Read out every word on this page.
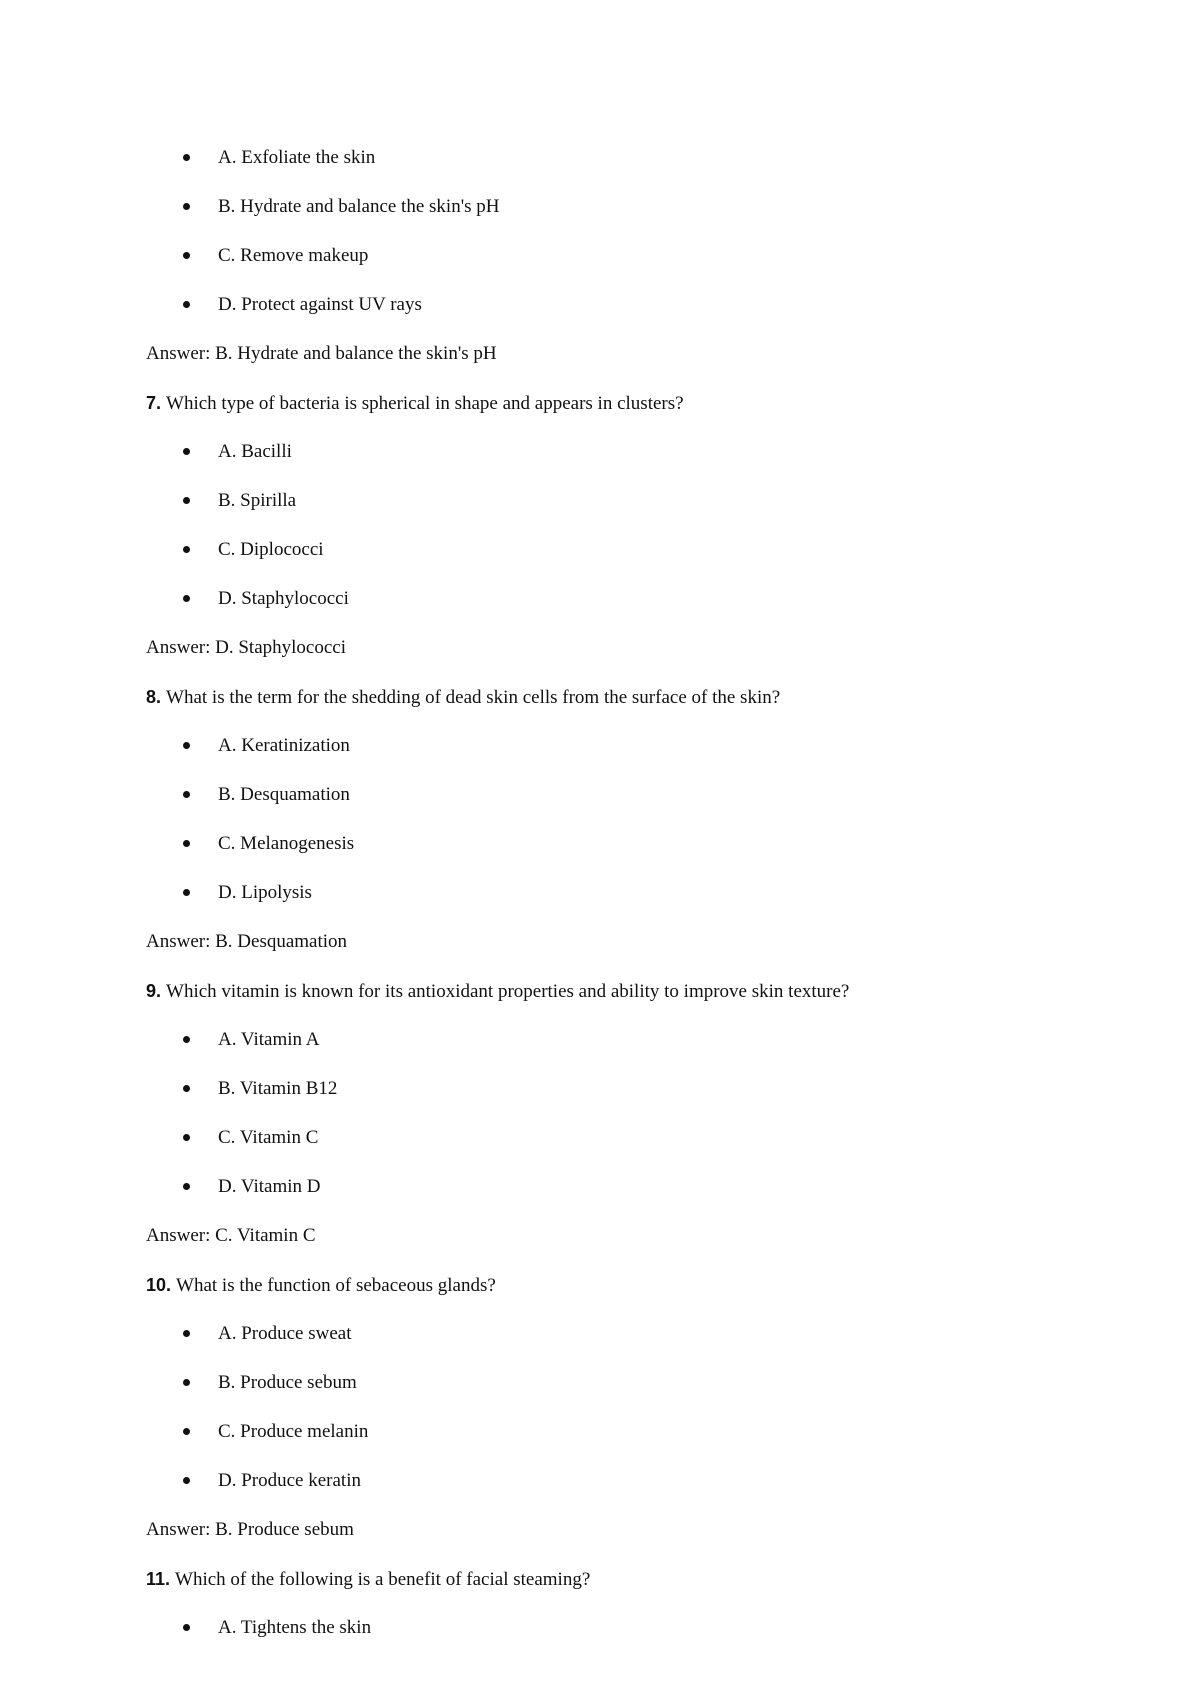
A. Exfoliate the skin
B. Hydrate and balance the skin's pH
C. Remove makeup
D. Protect against UV rays
Answer: B. Hydrate and balance the skin's pH
7. Which type of bacteria is spherical in shape and appears in clusters?
A. Bacilli
B. Spirilla
C. Diplococci
D. Staphylococci
Answer: D. Staphylococci
8. What is the term for the shedding of dead skin cells from the surface of the skin?
A. Keratinization
B. Desquamation
C. Melanogenesis
D. Lipolysis
Answer: B. Desquamation
9. Which vitamin is known for its antioxidant properties and ability to improve skin texture?
A. Vitamin A
B. Vitamin B12
C. Vitamin C
D. Vitamin D
Answer: C. Vitamin C
10. What is the function of sebaceous glands?
A. Produce sweat
B. Produce sebum
C. Produce melanin
D. Produce keratin
Answer: B. Produce sebum
11. Which of the following is a benefit of facial steaming?
A. Tightens the skin
